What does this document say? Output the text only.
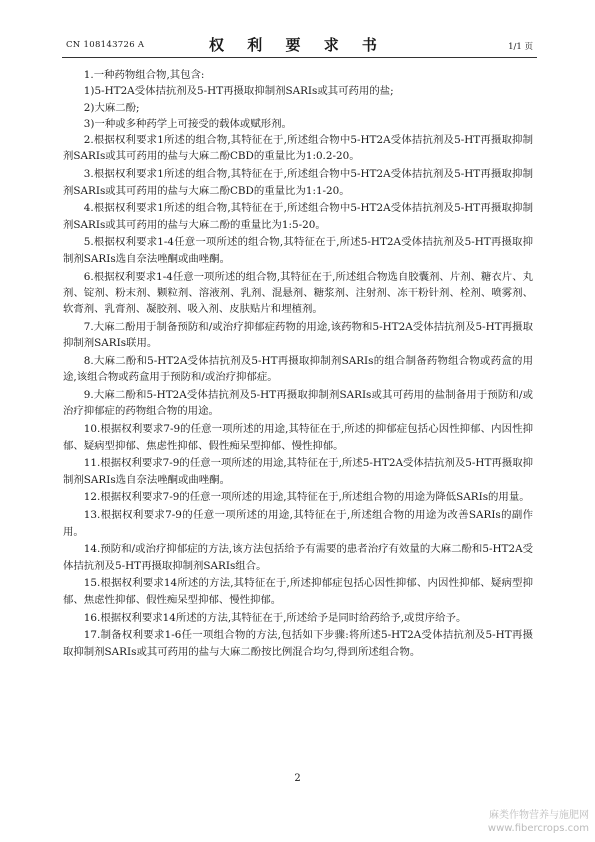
CN 108143726 A	权 利 要 求 书	1/1 页

1.一种药物组合物,其包含:

1)5-HT2A受体拮抗剂及5-HT再摄取抑制剂SARIs或其可药用的盐;

2)大麻二酚;

3)一种或多种药学上可接受的载体或赋形剂。

2.根据权利要求1所述的组合物,其特征在于,所述组合物中5-HT2A受体拮抗剂及5-HT再摄取抑制剂SARIs或其可药用的盐与大麻二酚CBD的重量比为1:0.2-20。

3.根据权利要求1所述的组合物,其特征在于,所述组合物中5-HT2A受体拮抗剂及5-HT再摄取抑制剂SARIs或其可药用的盐与大麻二酚CBD的重量比为1:1-20。

4.根据权利要求1所述的组合物,其特征在于,所述组合物中5-HT2A受体拮抗剂及5-HT再摄取抑制剂SARIs或其可药用的盐与大麻二酚的重量比为1:5-20。

5.根据权利要求1-4任意一项所述的组合物,其特征在于,所述5-HT2A受体拮抗剂及5-HT再摄取抑制剂SARIs选自奈法唑酮或曲唑酮。

6.根据权利要求1-4任意一项所述的组合物,其特征在于,所述组合物选自胶囊剂、片剂、糖衣片、丸剂、锭剂、粉末剂、颗粒剂、溶液剂、乳剂、混悬剂、糖浆剂、注射剂、冻干粉针剂、栓剂、喷雾剂、软膏剂、乳膏剂、凝胶剂、吸入剂、皮肤贴片和埋植剂。

7.大麻二酚用于制备预防和/或治疗抑郁症药物的用途,该药物和5-HT2A受体拮抗剂及5-HT再摄取抑制剂SARIs联用。

8.大麻二酚和5-HT2A受体拮抗剂及5-HT再摄取抑制剂SARIs的组合制备药物组合物或药盒的用途,该组合物或药盒用于预防和/或治疗抑郁症。

9.大麻二酚和5-HT2A受体拮抗剂及5-HT再摄取抑制剂SARIs或其可药用的盐制备用于预防和/或治疗抑郁症的药物组合物的用途。

10.根据权利要求7-9的任意一项所述的用途,其特征在于,所述的抑郁症包括心因性抑郁、内因性抑郁、疑病型抑郁、焦虑性抑郁、假性痴呆型抑郁、慢性抑郁。

11.根据权利要求7-9的任意一项所述的用途,其特征在于,所述5-HT2A受体拮抗剂及5-HT再摄取抑制剂SARIs选自奈法唑酮或曲唑酮。

12.根据权利要求7-9的任意一项所述的用途,其特征在于,所述组合物的用途为降低SARIs的用量。

13.根据权利要求7-9的任意一项所述的用途,其特征在于,所述组合物的用途为改善SARIs的副作用。

14.预防和/或治疗抑郁症的方法,该方法包括给予有需要的患者治疗有效量的大麻二酚和5-HT2A受体拮抗剂及5-HT再摄取抑制剂SARIs组合。

15.根据权利要求14所述的方法,其特征在于,所述抑郁症包括心因性抑郁、内因性抑郁、疑病型抑郁、焦虑性抑郁、假性痴呆型抑郁、慢性抑郁。

16.根据权利要求14所述的方法,其特征在于,所述给予是同时给药给予,或贯序给予。

17.制备权利要求1-6任一项组合物的方法,包括如下步骤:将所述5-HT2A受体拮抗剂及5-HT再摄取抑制剂SARIs或其可药用的盐与大麻二酚按比例混合均匀,得到所述组合物。

2
麻类作物营养与施肥网
www.fibercrops.com
